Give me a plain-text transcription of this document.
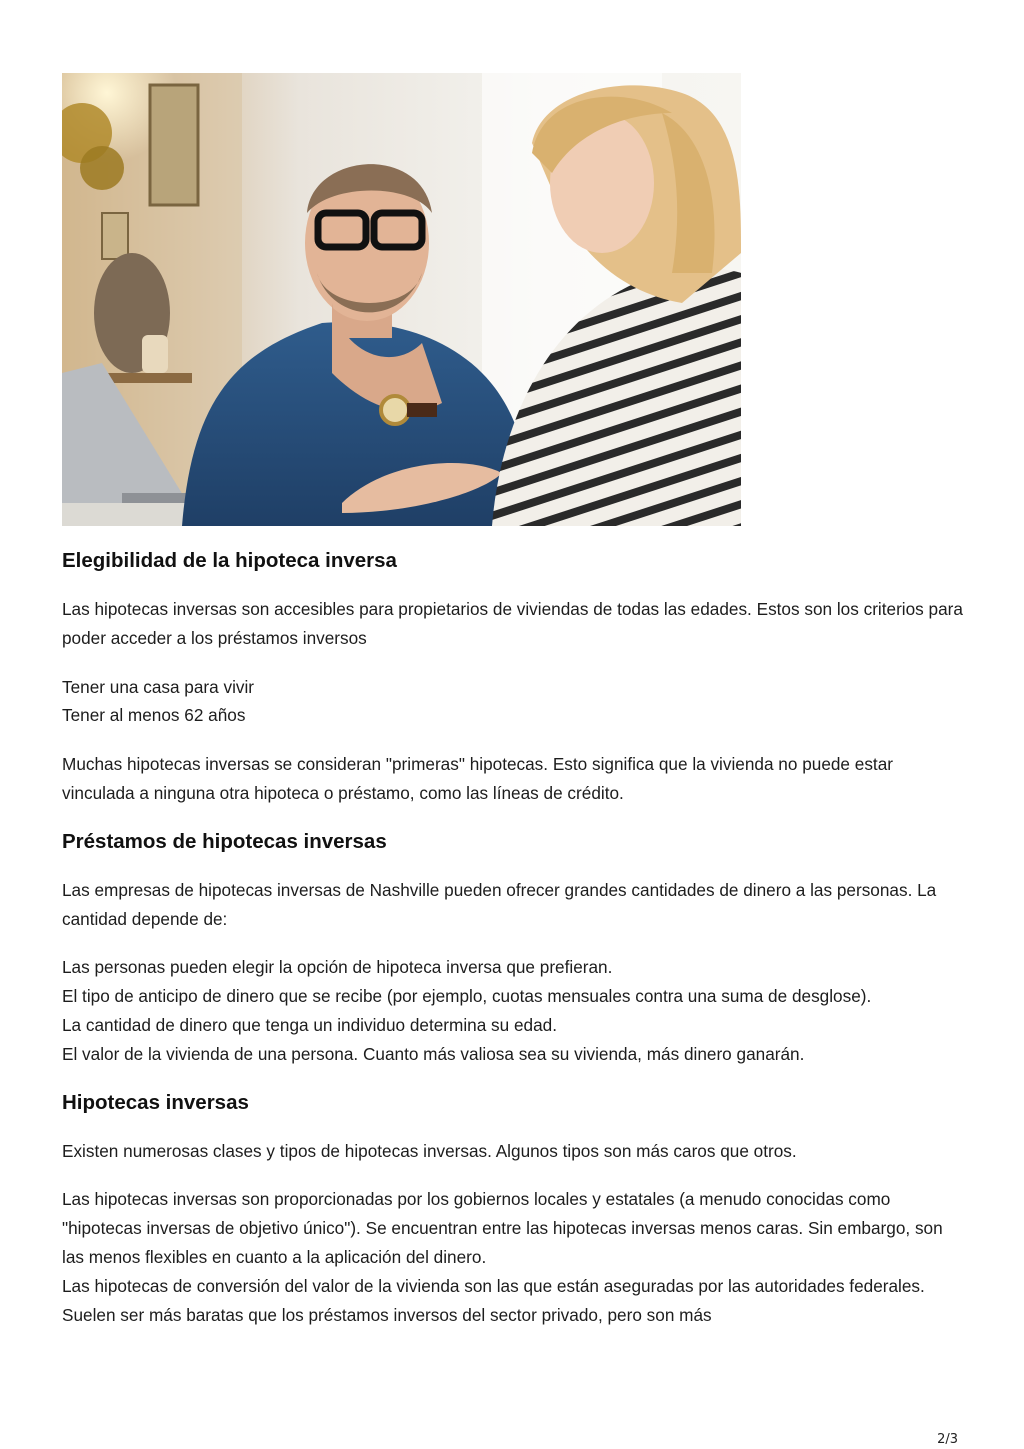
Elegibilidad de la hipoteca inversa

Las hipotecas inversas son accesibles para propietarios de viviendas de todas las edades. Estos son los criterios para poder acceder a los préstamos inversos

Tener una casa para vivir
Tener al menos 62 años

Muchas hipotecas inversas se consideran "primeras" hipotecas. Esto significa que la vivienda no puede estar vinculada a ninguna otra hipoteca o préstamo, como las líneas de crédito.

Préstamos de hipotecas inversas

Las empresas de hipotecas inversas de Nashville pueden ofrecer grandes cantidades de dinero a las personas. La cantidad depende de:

Las personas pueden elegir la opción de hipoteca inversa que prefieran.
El tipo de anticipo de dinero que se recibe (por ejemplo, cuotas mensuales contra una suma de desglose).
La cantidad de dinero que tenga un individuo determina su edad.
El valor de la vivienda de una persona. Cuanto más valiosa sea su vivienda, más dinero ganarán.

Hipotecas inversas

Existen numerosas clases y tipos de hipotecas inversas. Algunos tipos son más caros que otros.

Las hipotecas inversas son proporcionadas por los gobiernos locales y estatales (a menudo conocidas como "hipotecas inversas de objetivo único"). Se encuentran entre las hipotecas inversas menos caras. Sin embargo, son las menos flexibles en cuanto a la aplicación del dinero.
Las hipotecas de conversión del valor de la vivienda son las que están aseguradas por las autoridades federales. Suelen ser más baratas que los préstamos inversos del sector privado, pero son más

2/3
